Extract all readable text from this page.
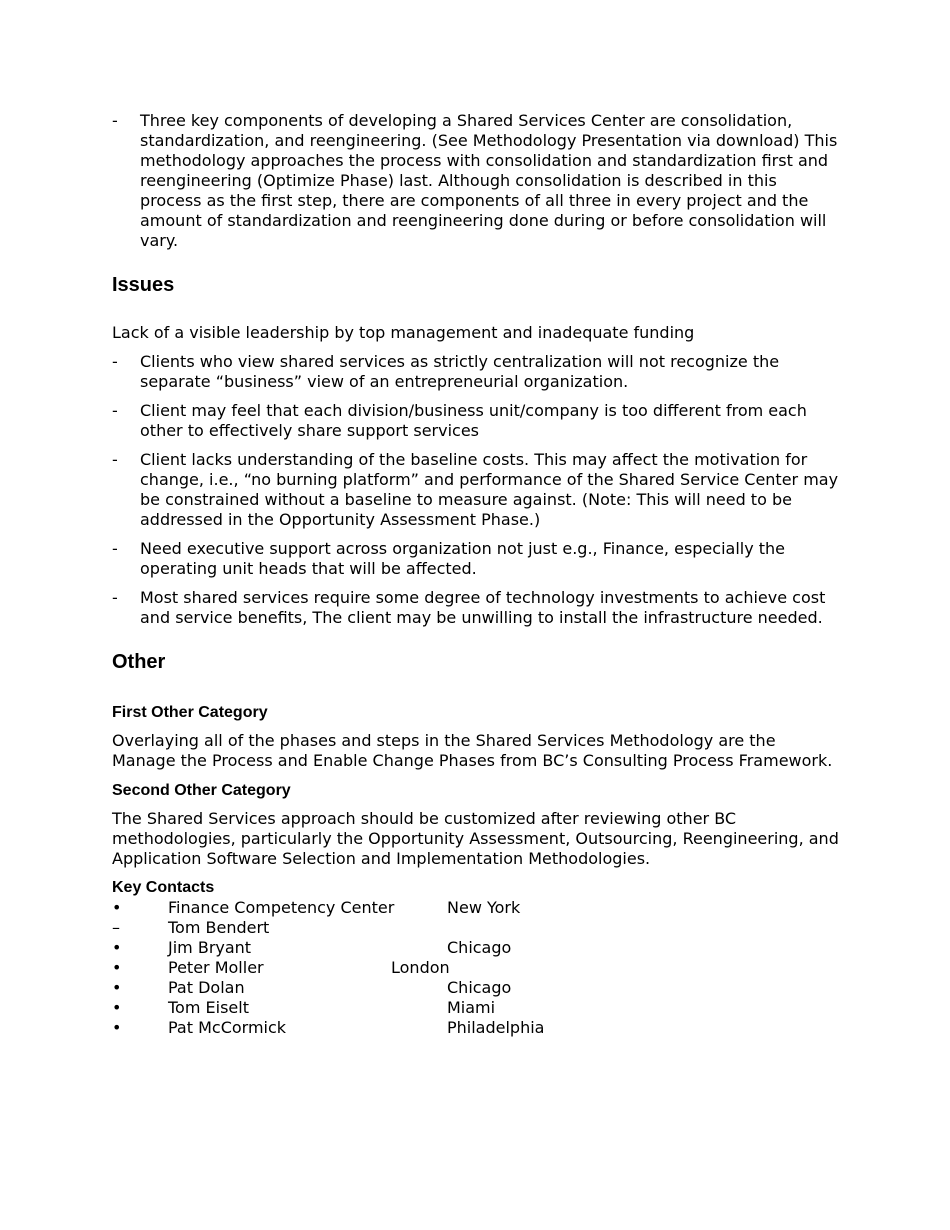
- Three key components of developing a Shared Services Center are consolidation, standardization, and reengineering. (See Methodology Presentation via download) This methodology approaches the process with consolidation and standardization first and reengineering (Optimize Phase) last. Although consolidation is described in this process as the first step, there are components of all three in every project and the amount of standardization and reengineering done during or before consolidation will vary.
Issues

Lack of a visible leadership by top management and inadequate funding

- Clients who view shared services as strictly centralization will not recognize the separate “business” view of an entrepreneurial organization.
- Client may feel that each division/business unit/company is too different from each other to effectively share support services
- Client lacks understanding of the baseline costs. This may affect the motivation for change, i.e., “no burning platform” and performance of the Shared Service Center may be constrained without a baseline to measure against. (Note: This will need to be addressed in the Opportunity Assessment Phase.)
- Need executive support across organization not just e.g., Finance, especially the operating unit heads that will be affected.
- Most shared services require some degree of technology investments to achieve cost and service benefits, The client may be unwilling to install the infrastructure needed.
Other
First Other Category

Overlaying all of the phases and steps in the Shared Services Methodology are the Manage the Process and Enable Change Phases from BC’s Consulting Process Framework.

Second Other Category

The Shared Services approach should be customized after reviewing other BC methodologies, particularly the Opportunity Assessment, Outsourcing, Reengineering, and Application Software Selection and Implementation Methodologies.

Key Contacts
•	Finance Competency Center	New York
–	Tom Bendert
•	Jim Bryant	Chicago
•	Peter Moller	London
•	Pat Dolan	Chicago
•	Tom Eiselt	Miami
•	Pat McCormick	Philadelphia
